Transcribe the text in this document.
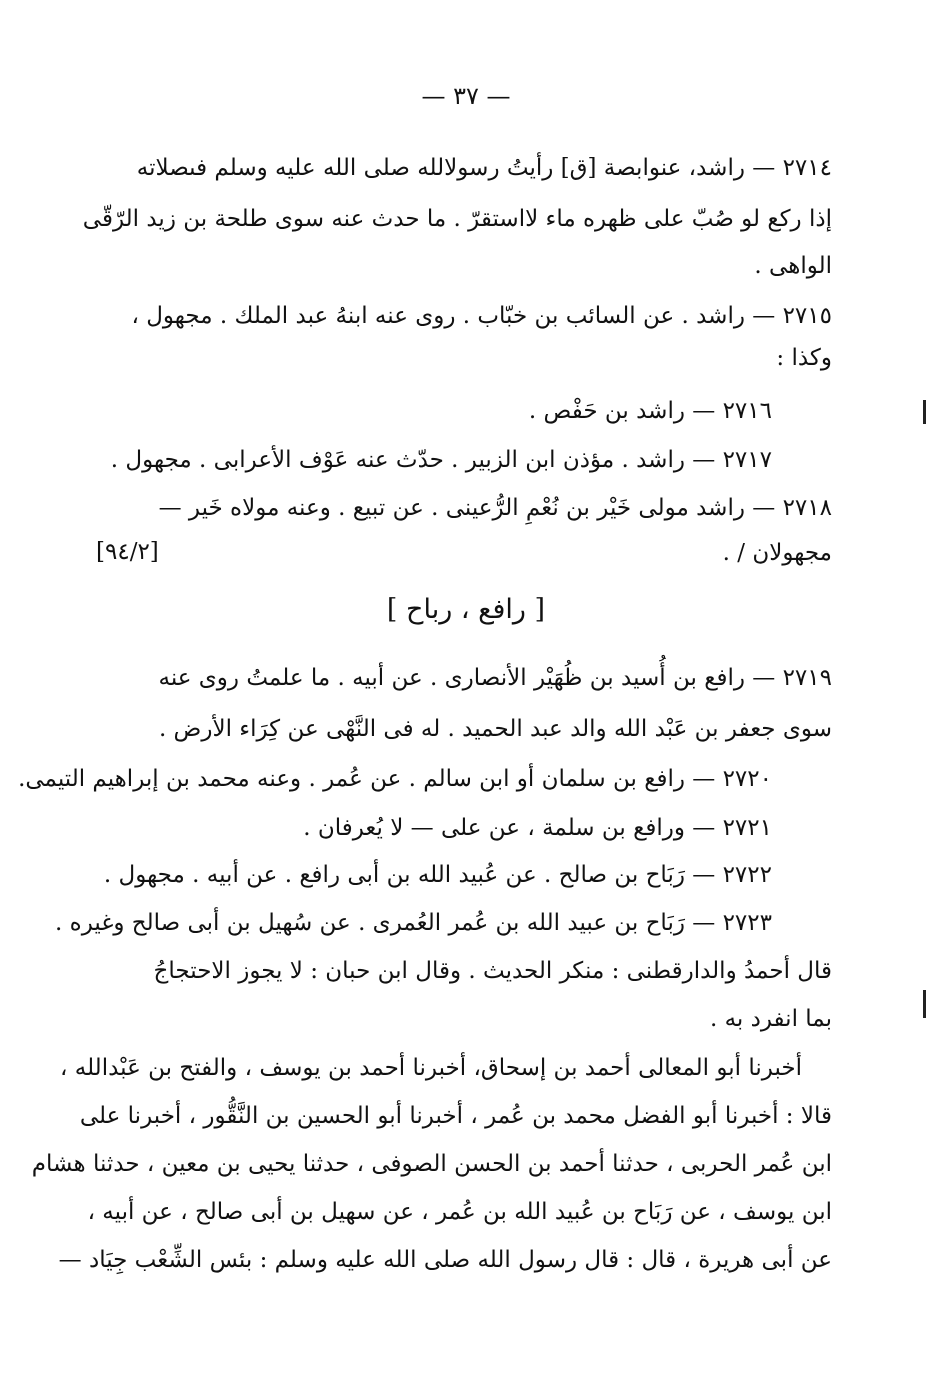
— ٣٧ —
٢٧١٤ — راشد، عنوابصة [ق] رأيتُ رسولالله صلى الله عليه وسلم فىصلاته
إذا ركع لو صُبّ على ظهره ماء لااستقرّ . ما حدث عنه سوى طلحة بن زيد الرّقّى
الواهى .
٢٧١٥ — راشد . عن السائب بن خبّاب . روى عنه ابنهُ عبد الملك . مجهول ،
وكذا :
٢٧١٦ — راشد بن حَفْص .
٢٧١٧ — راشد . مؤذن ابن الزبير . حدّث عنه عَوْف الأعرابى . مجهول .
٢٧١٨ — راشد مولى خَيْر بن نُعْمِ الرُّعينى . عن تبيع . وعنه مولاه خَير —
مجهولان / .
[٩٤/٢]
[ رافع ، رباح ]
٢٧١٩ — رافع بن أُسيد بن ظُهَيْر الأنصارى . عن أبيه . ما علمتُ روى عنه
سوى جعفر بن عَبْد الله والد عبد الحميد . له فى النَّهْى عن كِرَاء الأرض .
٢٧٢٠ — رافع بن سلمان أو ابن سالم . عن عُمر . وعنه محمد بن إبراهيم التيمى.
٢٧٢١ — ورافع بن سلمة ، عن على — لا يُعرفان .
٢٧٢٢ — رَبَاح بن صالح . عن عُبيد الله بن أبى رافع . عن أبيه . مجهول .
٢٧٢٣ — رَبَاح بن عبيد الله بن عُمر العُمرى . عن سُهيل بن أبى صالح وغيره .
قال أحمدُ والدارقطنى : منكر الحديث . وقال ابن حبان : لا يجوز الاحتجاجُ
بما انفرد به .
أخبرنا أبو المعالى أحمد بن إسحاق، أخبرنا أحمد بن يوسف ، والفتح بن عَبْدالله ،
قالا : أخبرنا أبو الفضل محمد بن عُمر ، أخبرنا أبو الحسين بن النَّقُّور ، أخبرنا على
ابن عُمر الحربى ، حدثنا أحمد بن الحسن الصوفى ، حدثنا يحيى بن معين ، حدثنا هشام
ابن يوسف ، عن رَبَاح بن عُبيد الله بن عُمر ، عن سهيل بن أبى صالح ، عن أبيه ،
عن أبى هريرة ، قال : قال رسول الله صلى الله عليه وسلم : بئس الشِّعْب جِيَاد —
